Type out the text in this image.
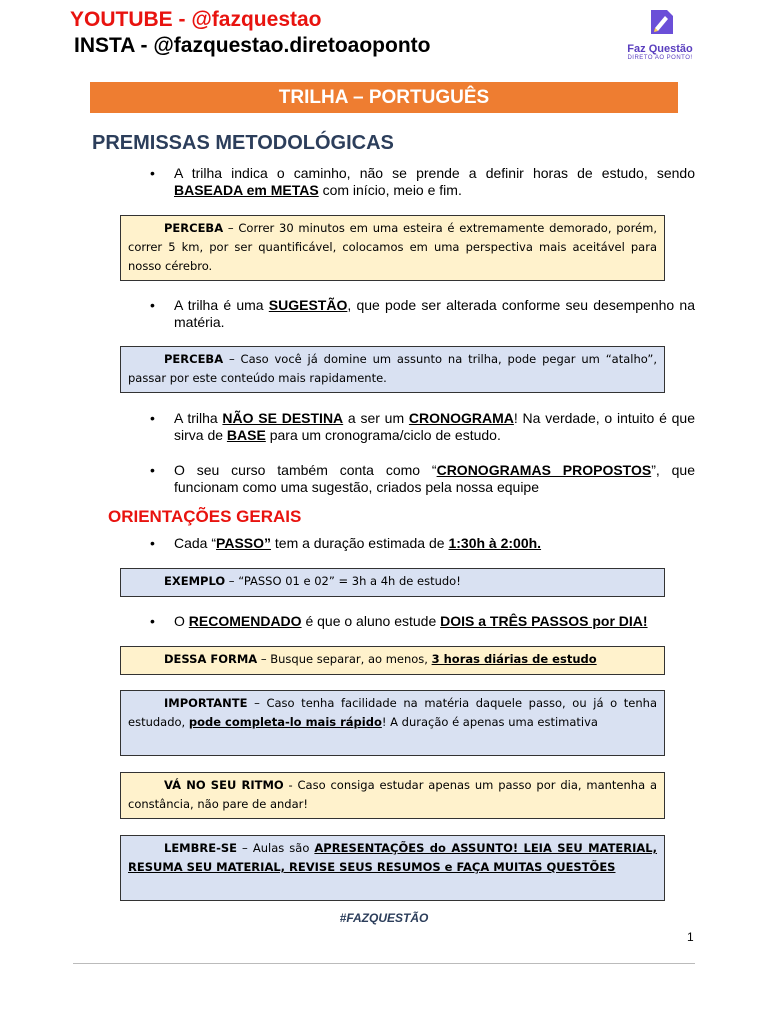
YOUTUBE - @fazquestao
INSTA - @fazquestao.diretoaoponto	Faz Questão
DIRETO AO PONTO!
TRILHA – PORTUGUÊS
PREMISSAS METODOLÓGICAS
• A trilha indica o caminho, não se prende a definir horas de estudo, sendo BASEADA em METAS com início, meio e fim.
PERCEBA – Correr 30 minutos em uma esteira é extremamente demorado, porém, correr 5 km, por ser quantificável, colocamos em uma perspectiva mais aceitável para nosso cérebro.
• A trilha é uma SUGESTÃO, que pode ser alterada conforme seu desempenho na matéria.
PERCEBA – Caso você já domine um assunto na trilha, pode pegar um “atalho”, passar por este conteúdo mais rapidamente.
• A trilha NÃO SE DESTINA a ser um CRONOGRAMA! Na verdade, o intuito é que sirva de BASE para um cronograma/ciclo de estudo.
• O seu curso também conta como “CRONOGRAMAS PROPOSTOS”, que funcionam como uma sugestão, criados pela nossa equipe
ORIENTAÇÕES GERAIS
• Cada “PASSO” tem a duração estimada de 1:30h à 2:00h.
EXEMPLO – “PASSO 01 e 02” = 3h a 4h de estudo!
• O RECOMENDADO é que o aluno estude DOIS a TRÊS PASSOS por DIA!
DESSA FORMA – Busque separar, ao menos, 3 horas diárias de estudo
IMPORTANTE – Caso tenha facilidade na matéria daquele passo, ou já o tenha estudado, pode completa-lo mais rápido! A duração é apenas uma estimativa
VÁ NO SEU RITMO - Caso consiga estudar apenas um passo por dia, mantenha a constância, não pare de andar!
LEMBRE-SE – Aulas são APRESENTAÇÕES do ASSUNTO! LEIA SEU MATERIAL, RESUMA SEU MATERIAL, REVISE SEUS RESUMOS e FAÇA MUITAS QUESTÕES
#FAZQUESTÃO
1
